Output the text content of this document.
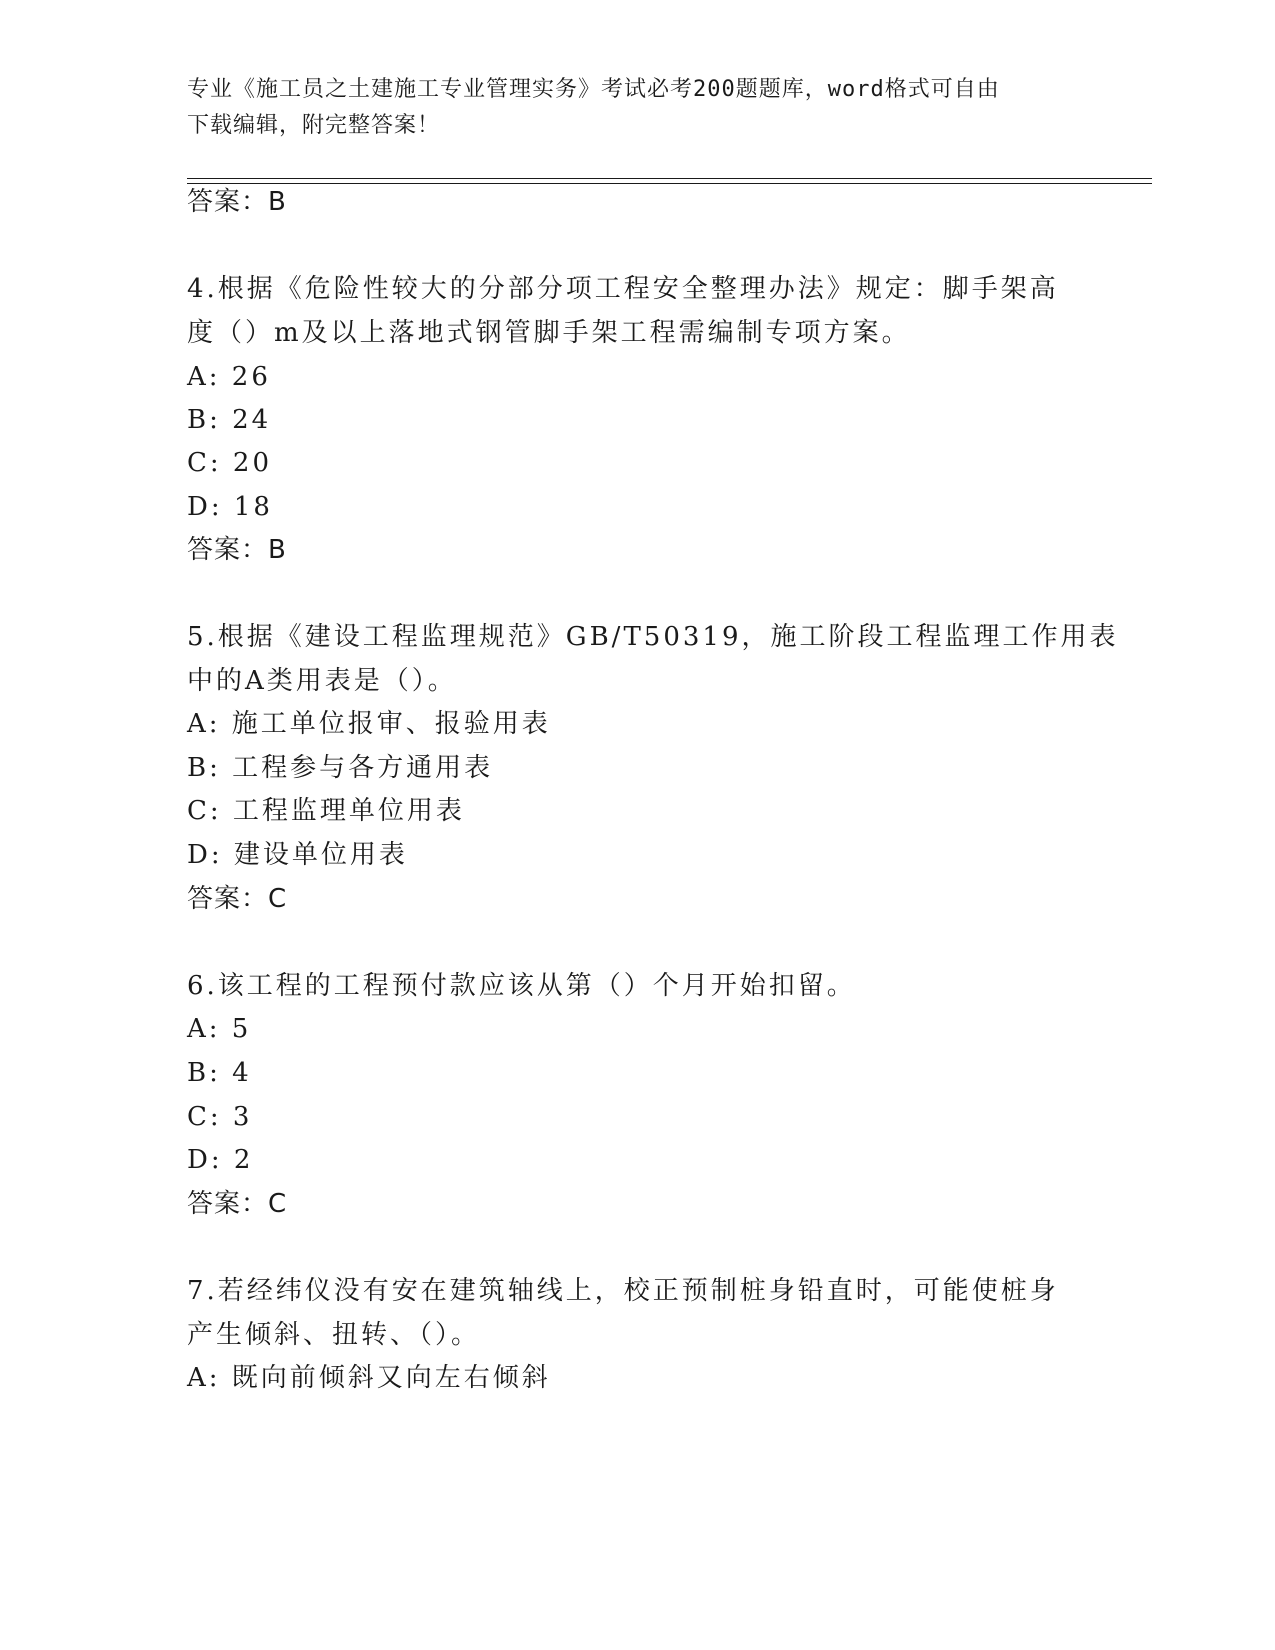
专业《施工员之土建施工专业管理实务》考试必考200题题库，word格式可自由
下载编辑，附完整答案！
答案：B
4.根据《危险性较大的分部分项工程安全整理办法》规定：脚手架高
度（）m及以上落地式钢管脚手架工程需编制专项方案。
A: 26
B: 24
C: 20
D: 18
答案：B
5.根据《建设工程监理规范》GB/T50319，施工阶段工程监理工作用表
中的A类用表是（）。
A: 施工单位报审、报验用表
B: 工程参与各方通用表
C: 工程监理单位用表
D: 建设单位用表
答案：C
6.该工程的工程预付款应该从第（）个月开始扣留。
A: 5
B: 4
C: 3
D: 2
答案：C
7.若经纬仪没有安在建筑轴线上，校正预制桩身铅直时，可能使桩身
产生倾斜、扭转、（）。
A: 既向前倾斜又向左右倾斜
